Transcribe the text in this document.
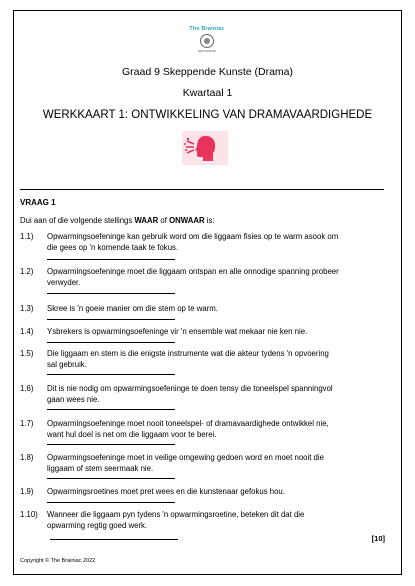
The Brainiac
EDUCATION
Graad 9 Skeppende Kunste (Drama)
Kwartaal 1
WERKKAART 1: ONTWIKKELING VAN DRAMAVAARDIGHEDE
VRAAG 1
Dui aan of die volgende stellings WAAR of ONWAAR is:
1.1) Opwarmingsoefeninge kan gebruik word om die liggaam fisies op te warm asook om
die gees op 'n komende taak te fokus.
1.2) Opwarmingsoefeninge moet die liggaam ontspan en alle onnodige spanning probeer
verwyder.
1.3) Skree is 'n goeie manier om die stem op te warm.
1.4) Ysbrekers is opwarmingsoefeninge vir 'n ensemble wat mekaar nie ken nie.
1.5) Die liggaam en stem is die enigste instrumente wat die akteur tydens 'n opvoering
sal gebruik.
1.6) Dit is nie nodig om opwarmingsoefeninge te doen tensy die toneelspel spanningvol
gaan wees nie.
1.7) Opwarmingsoefeninge moet nooit toneelspel- of dramavaardighede ontwikkel nie,
want hul doel is net om die liggaam voor te berei.
1.8) Opwarmingsoefeninge moet in veilige omgewing gedoen word en moet nooit die
liggaam of stem seermaak nie.
1.9) Opwarmingsroetines moet pret wees en die kunstenaar gefokus hou.
1.10) Wanneer die liggaam pyn tydens 'n opwarmingsroetine, beteken dit dat die
opwarming regtig goed werk.
[10]
Copyright © The Brainiac 2022
